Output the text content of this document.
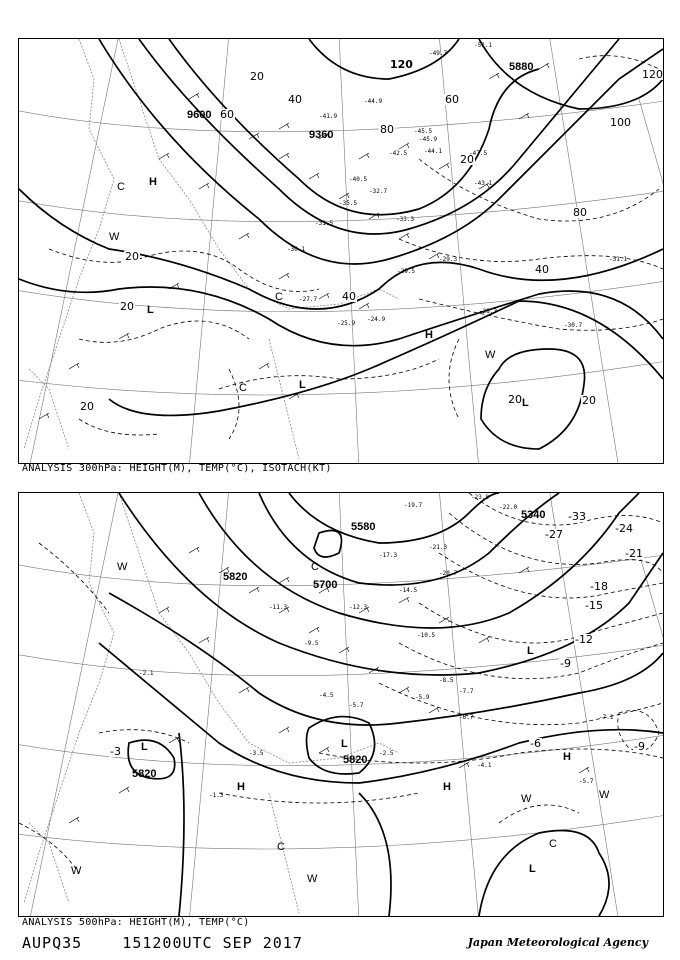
9600
9360
5880
120
80
60
40
20
100
120
80
60
40
20
20
20
20	20
20
40
H
L
C
L
C
H
W
L
C
W
-41.9
-44.9
-49.7
-51.1
-45.9
-42.5	-44.1
-40.5
-33.3
-31.5
-30.1
-29.5
-28.3
-30.7
-25.9
-24.9
-27.7
-29.3
-35.5
-32.7
-45.5
-47.5
-43.1
-31.1
ANALYSIS 300hPa: HEIGHT(M), TEMP(°C), ISOTACH(KT)
5580
5340
5820
5700
5820
5820
-33
-27	-24
-21
-18
-15
-12
-9
-6
-3	-9
W	C
L
L
H	H
H
W	W
C
W
C
L
W
L
-19.7
-17.3
-14.5
-12.3
-11.3
-10.5
-9.5
-8.5
-7.7
-6.7
-5.9
-5.7
-4.5
-3.5	-2.5
-4.1
-7.1
-5.7
-2.1
-1.3
-22.0
-21.3
-20.7
-23.0
ANALYSIS 500hPa: HEIGHT(M), TEMP(°C)
AUPQ35	151200UTC SEP 2017	Japan Meteorological Agency
